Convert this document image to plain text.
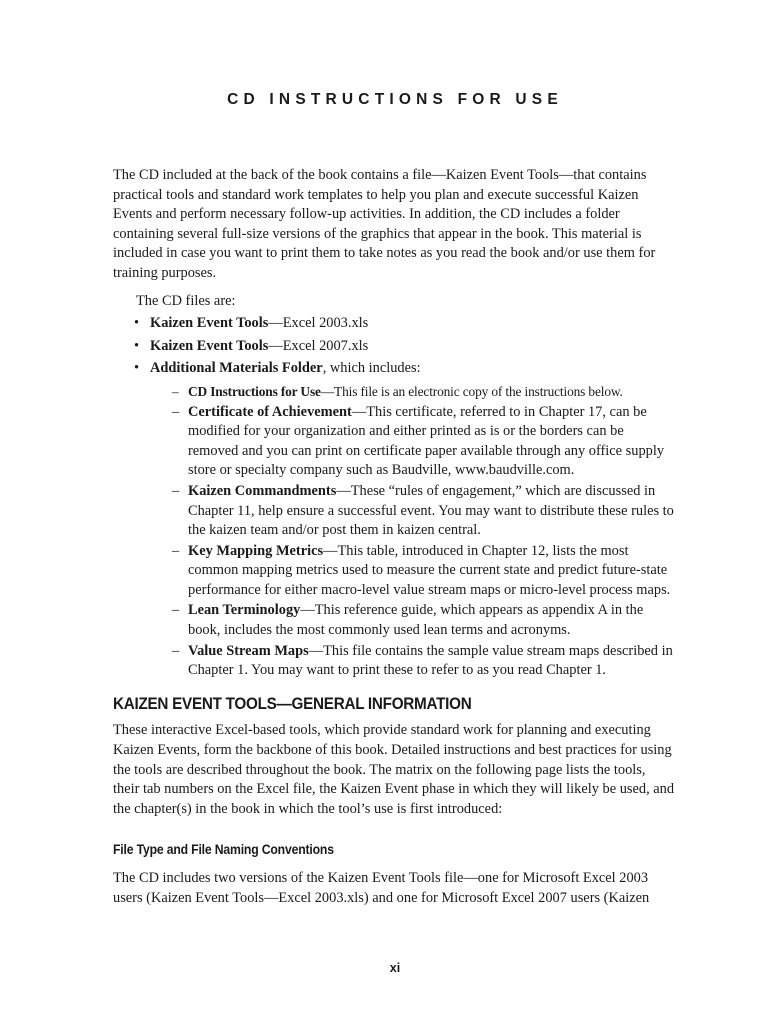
CD INSTRUCTIONS FOR USE

The CD included at the back of the book contains a file—Kaizen Event Tools—that contains practical tools and standard work templates to help you plan and execute successful Kaizen Events and perform necessary follow-up activities. In addition, the CD includes a folder containing several full-size versions of the graphics that appear in the book. This material is included in case you want to print them to take notes as you read the book and/or use them for training purposes.

The CD files are:

• Kaizen Event Tools—Excel 2003.xls
• Kaizen Event Tools—Excel 2007.xls
• Additional Materials Folder, which includes:
– CD Instructions for Use—This file is an electronic copy of the instructions below.
– Certificate of Achievement—This certificate, referred to in Chapter 17, can be modified for your organization and either printed as is or the borders can be removed and you can print on certificate paper available through any office supply store or specialty company such as Baudville, www.baudville.com.
– Kaizen Commandments—These “rules of engagement,” which are discussed in Chapter 11, help ensure a successful event. You may want to distribute these rules to the kaizen team and/or post them in kaizen central.
– Key Mapping Metrics—This table, introduced in Chapter 12, lists the most common mapping metrics used to measure the current state and predict future-state performance for either macro-level value stream maps or micro-level process maps.
– Lean Terminology—This reference guide, which appears as appendix A in the book, includes the most commonly used lean terms and acronyms.
– Value Stream Maps—This file contains the sample value stream maps described in Chapter 1. You may want to print these to refer to as you read Chapter 1.
KAIZEN EVENT TOOLS—GENERAL INFORMATION

These interactive Excel-based tools, which provide standard work for planning and executing Kaizen Events, form the backbone of this book. Detailed instructions and best practices for using the tools are described throughout the book. The matrix on the following page lists the tools, their tab numbers on the Excel file, the Kaizen Event phase in which they will likely be used, and the chapter(s) in the book in which the tool’s use is first introduced:

File Type and File Naming Conventions

The CD includes two versions of the Kaizen Event Tools file—one for Microsoft Excel 2003 users (Kaizen Event Tools—Excel 2003.xls) and one for Microsoft Excel 2007 users (Kaizen

xi
